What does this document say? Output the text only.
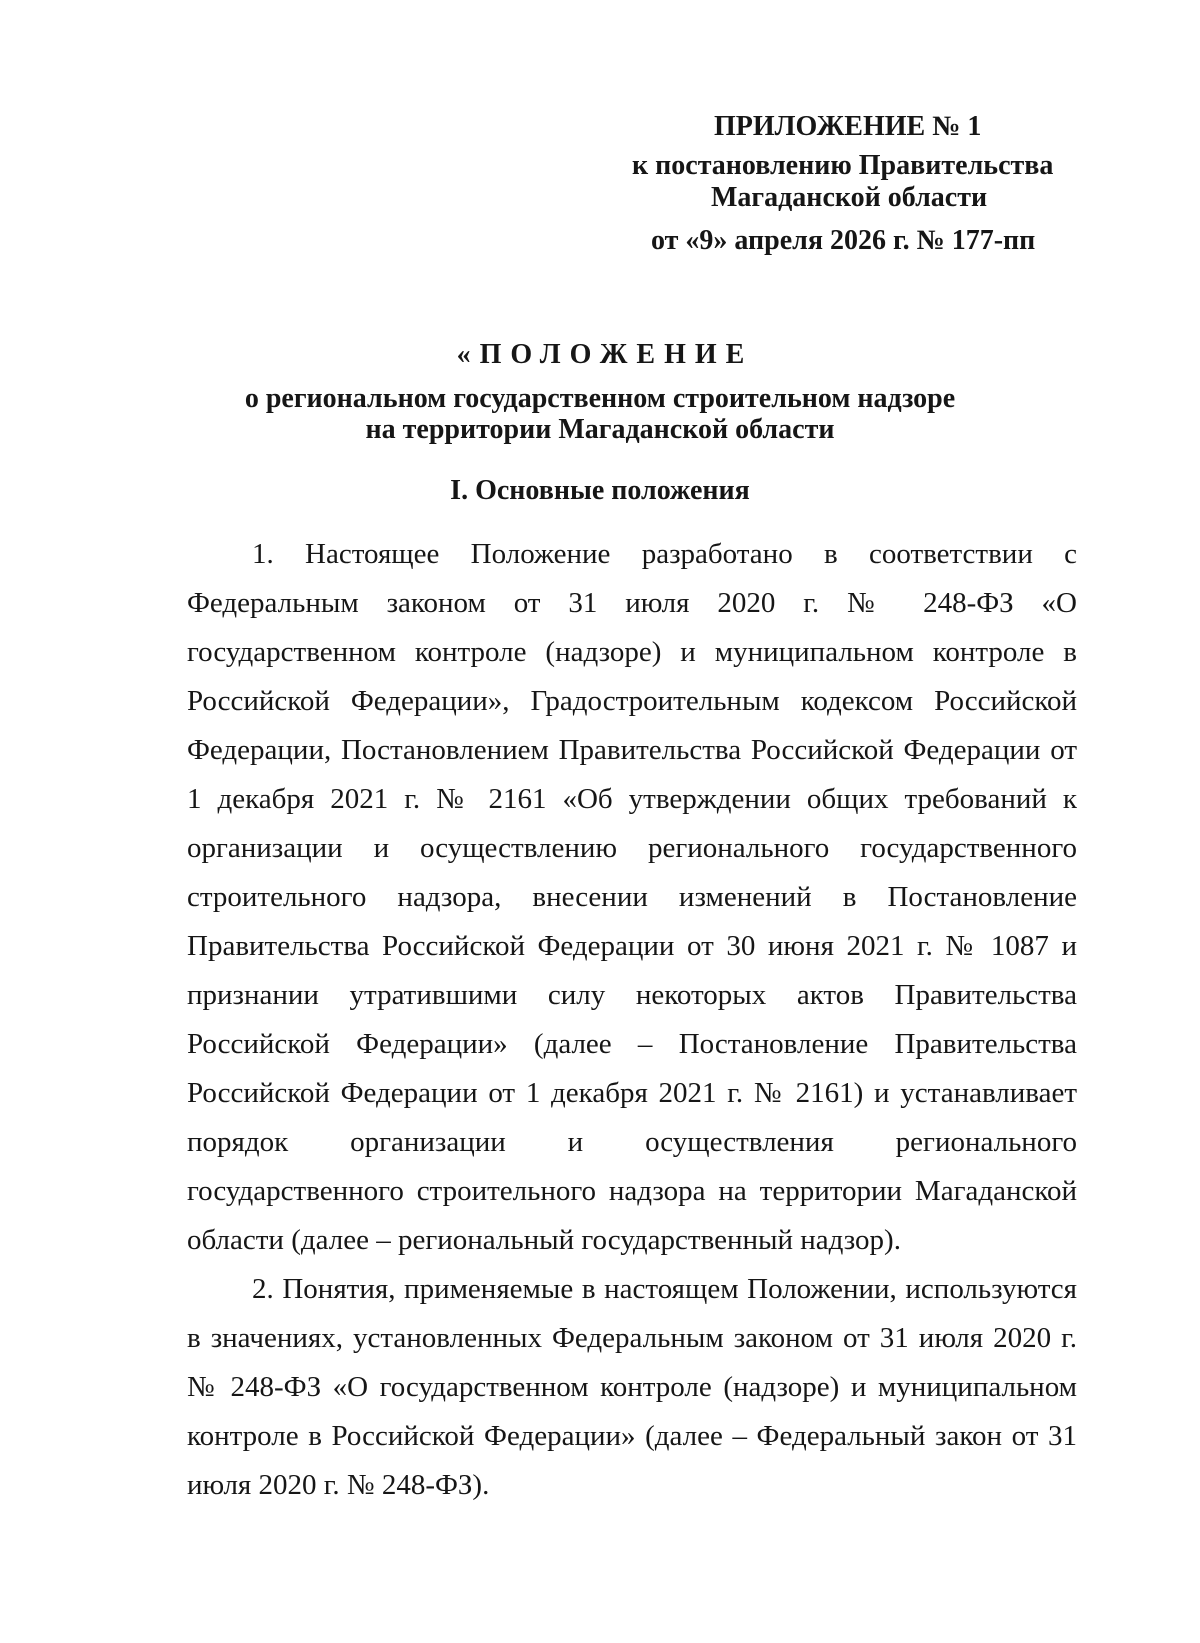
ПРИЛОЖЕНИЕ № 1
к постановлению Правительства
Магаданской области
от «9» апреля 2026 г. № 177-пп
«ПОЛОЖЕНИЕ
о региональном государственном строительном надзоре
на территории Магаданской области
I. Основные положения

1. Настоящее Положение разработано в соответствии с Федеральным законом от 31 июля 2020 г. № 248-ФЗ «О государственном контроле (надзоре) и муниципальном контроле в Российской Федерации», Градостроительным кодексом Российской Федерации, Постановлением Правительства Российской Федерации от 1 декабря 2021 г. № 2161 «Об утверждении общих требований к организации и осуществлению регионального государственного строительного надзора, внесении изменений в Постановление Правительства Российской Федерации от 30 июня 2021 г. № 1087 и признании утратившими силу некоторых актов Правительства Российской Федерации» (далее – Постановление Правительства Российской Федерации от 1 декабря 2021 г. № 2161) и устанавливает порядок организации и осуществления регионального государственного строительного надзора на территории Магаданской области (далее – региональный государственный надзор).

2. Понятия, применяемые в настоящем Положении, используются в значениях, установленных Федеральным законом от 31 июля 2020 г. № 248-ФЗ «О государственном контроле (надзоре) и муниципальном контроле в Российской Федерации» (далее – Федеральный закон от 31 июля 2020 г. № 248-ФЗ).
